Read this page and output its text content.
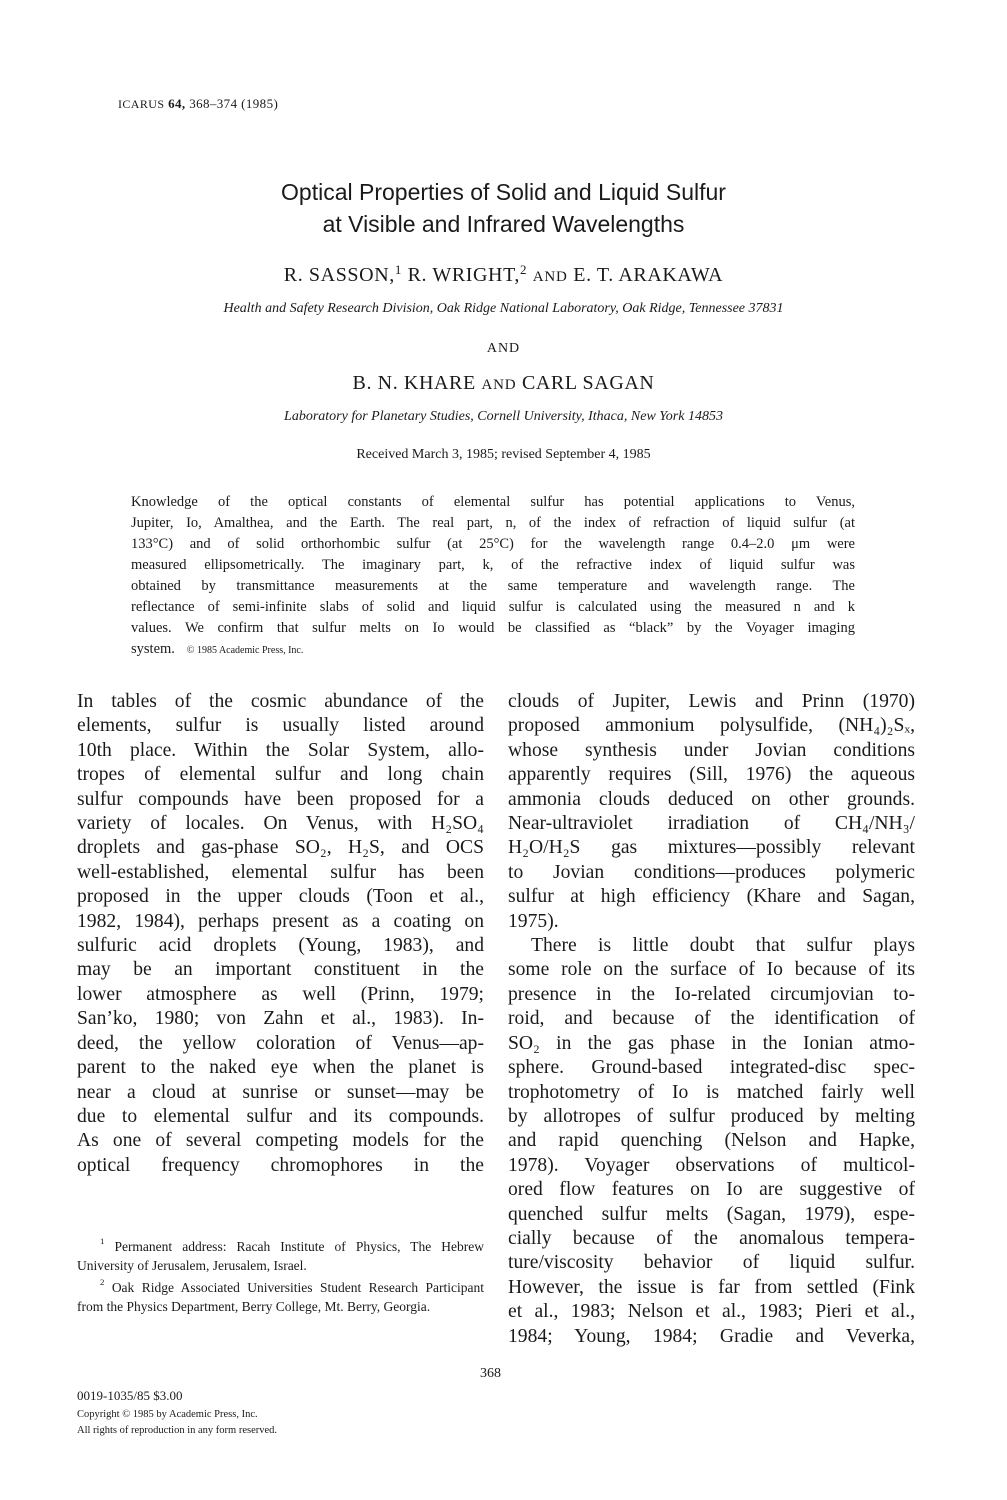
ICARUS 64, 368–374 (1985)
Optical Properties of Solid and Liquid Sulfur
at Visible and Infrared Wavelengths
R. SASSON,$^1$ R. WRIGHT,$^2$ AND E. T. ARAKAWA
Health and Safety Research Division, Oak Ridge National Laboratory, Oak Ridge, Tennessee 37831
AND
B. N. KHARE AND CARL SAGAN
Laboratory for Planetary Studies, Cornell University, Ithaca, New York 14853
Received March 3, 1985; revised September 4, 1985
Knowledge of the optical constants of elemental sulfur has potential applications to Venus,
Jupiter, Io, Amalthea, and the Earth. The real part, n, of the index of refraction of liquid sulfur (at
133°C) and of solid orthorhombic sulfur (at 25°C) for the wavelength range 0.4–2.0 μm were
measured ellipsometrically. The imaginary part, k, of the refractive index of liquid sulfur was
obtained by transmittance measurements at the same temperature and wavelength range. The
reflectance of semi-infinite slabs of solid and liquid sulfur is calculated using the measured n and k
values. We confirm that sulfur melts on Io would be classified as “black” by the Voyager imaging
system. © 1985 Academic Press, Inc.
In tables of the cosmic abundance of the
elements, sulfur is usually listed around
10th place. Within the Solar System, allo-
tropes of elemental sulfur and long chain
sulfur compounds have been proposed for a
variety of locales. On Venus, with H₂SO₄
droplets and gas-phase SO₂, H₂S, and OCS
well-established, elemental sulfur has been
proposed in the upper clouds (Toon et al.,
1982, 1984), perhaps present as a coating on
sulfuric acid droplets (Young, 1983), and
may be an important constituent in the
lower atmosphere as well (Prinn, 1979;
San’ko, 1980; von Zahn et al., 1983). In-
deed, the yellow coloration of Venus—ap-
parent to the naked eye when the planet is
near a cloud at sunrise or sunset—may be
due to elemental sulfur and its compounds.
As one of several competing models for the
optical frequency chromophores in the
$^1$ Permanent address: Racah Institute of Physics, The Hebrew University of Jerusalem, Jerusalem, Israel.
$^2$ Oak Ridge Associated Universities Student Research Participant from the Physics Department, Berry College, Mt. Berry, Georgia.
clouds of Jupiter, Lewis and Prinn (1970)
proposed ammonium polysulfide, (NH₄)₂Sₓ,
whose synthesis under Jovian conditions
apparently requires (Sill, 1976) the aqueous
ammonia clouds deduced on other grounds.
Near-ultraviolet irradiation of CH₄/NH₃/
H₂O/H₂S gas mixtures—possibly relevant
to Jovian conditions—produces polymeric
sulfur at high efficiency (Khare and Sagan,
1975).
There is little doubt that sulfur plays
some role on the surface of Io because of its
presence in the Io-related circumjovian to-
roid, and because of the identification of
SO₂ in the gas phase in the Ionian atmo-
sphere. Ground-based integrated-disc spec-
trophotometry of Io is matched fairly well
by allotropes of sulfur produced by melting
and rapid quenching (Nelson and Hapke,
1978). Voyager observations of multicol-
ored flow features on Io are suggestive of
quenched sulfur melts (Sagan, 1979), espe-
cially because of the anomalous tempera-
ture/viscosity behavior of liquid sulfur.
However, the issue is far from settled (Fink
et al., 1983; Nelson et al., 1983; Pieri et al.,
1984; Young, 1984; Gradie and Veverka,
368
0019-1035/85 $3.00
Copyright © 1985 by Academic Press, Inc.
All rights of reproduction in any form reserved.
